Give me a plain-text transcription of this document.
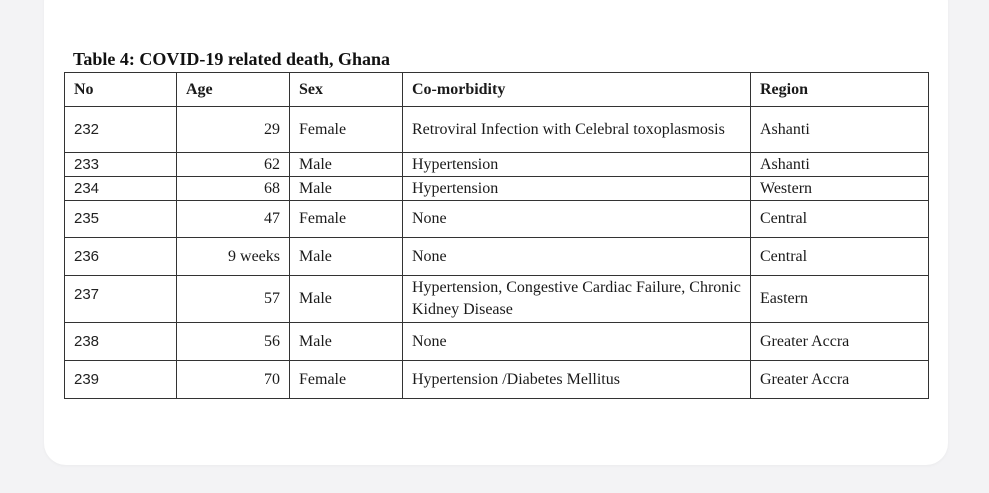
Table 4: COVID-19 related death, Ghana
No	Age	Sex	Co-morbidity	Region
232	29	Female	Retroviral Infection with Celebral toxoplasmosis	Ashanti
233	62	Male	Hypertension	Ashanti
234	68	Male	Hypertension	Western
235	47	Female	None	Central
236	9 weeks	Male	None	Central
237	57	Male	Hypertension, Congestive Cardiac Failure, Chronic Kidney Disease	Eastern
238	56	Male	None	Greater Accra
239	70	Female	Hypertension /Diabetes Mellitus	Greater Accra
